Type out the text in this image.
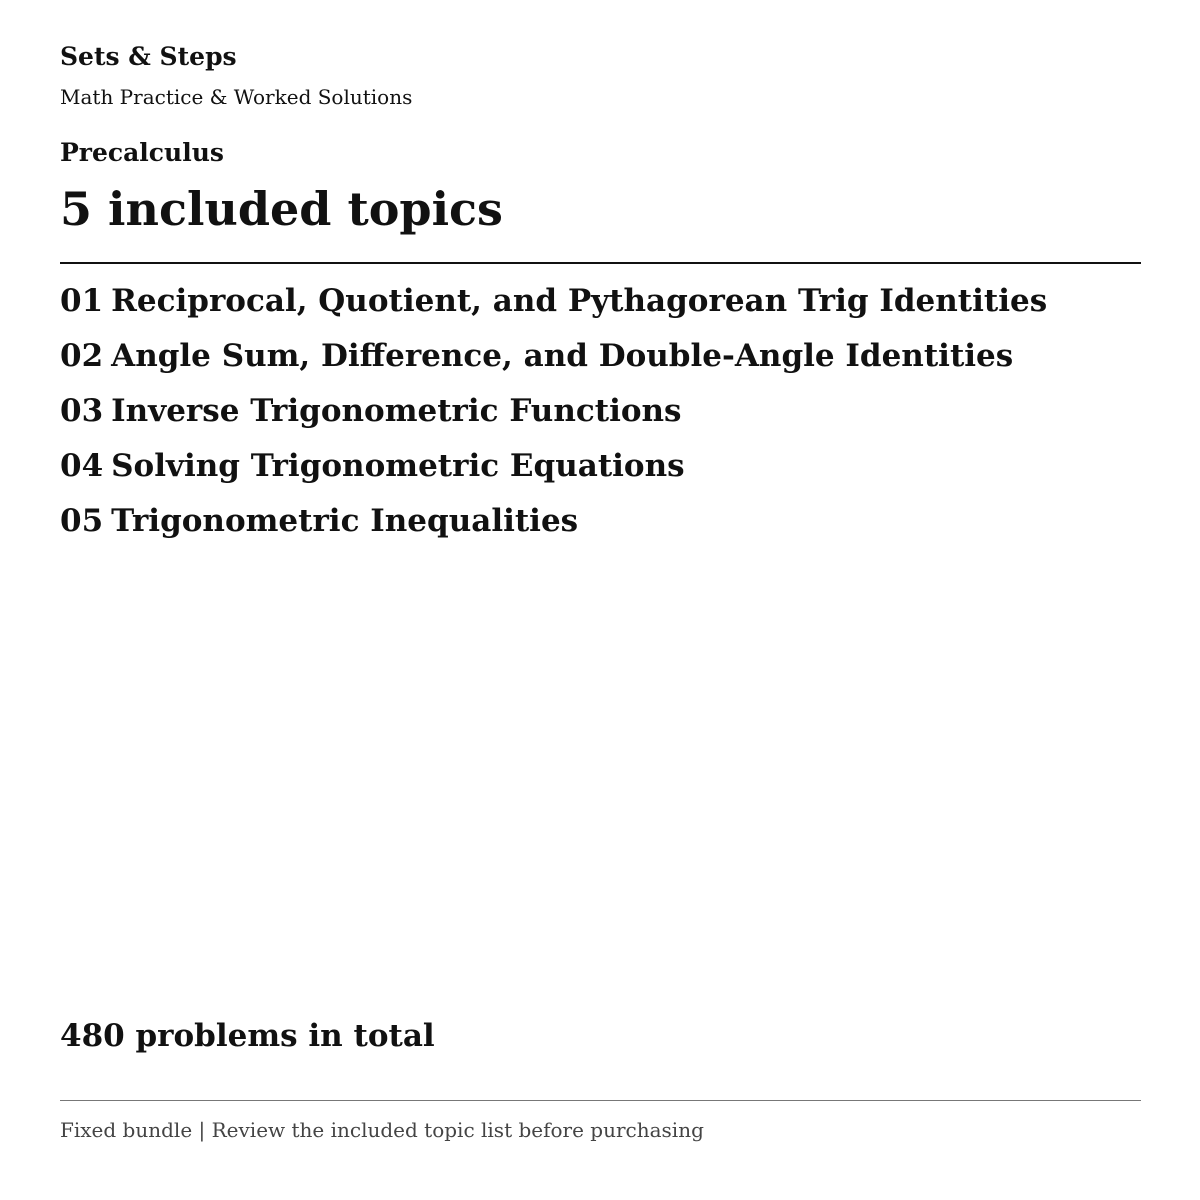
Sets & Steps
Math Practice & Worked Solutions
Precalculus
5 included topics
01 Reciprocal, Quotient, and Pythagorean Trig Identities
02 Angle Sum, Difference, and Double-Angle Identities
03 Inverse Trigonometric Functions
04 Solving Trigonometric Equations
05 Trigonometric Inequalities
480 problems in total
Fixed bundle | Review the included topic list before purchasing
